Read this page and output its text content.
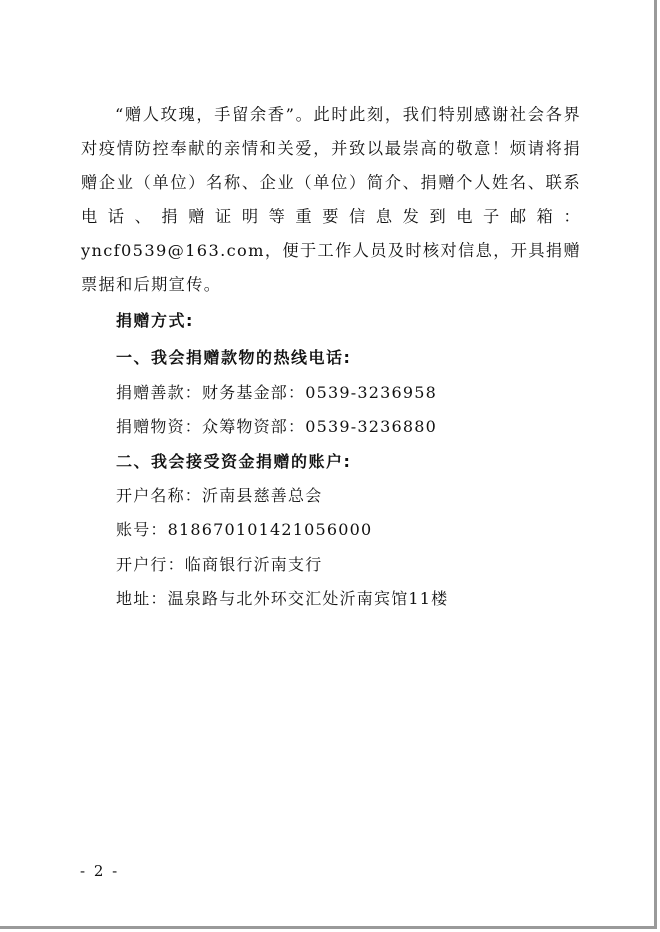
“赠人玫瑰，手留余香”。此时此刻，我们特别感谢社会各界对疫情防控奉献的亲情和关爱，并致以最崇高的敬意！烦请将捐赠企业（单位）名称、企业（单位）简介、捐赠个人姓名、联系电话、捐赠证明等重要信息发到电子邮箱：yncf0539@163.com，便于工作人员及时核对信息，开具捐赠票据和后期宣传。

捐赠方式:

一、我会捐赠款物的热线电话:

捐赠善款：财务基金部：0539-3236958

捐赠物资：众筹物资部：0539-3236880

二、我会接受资金捐赠的账户:

开户名称：沂南县慈善总会

账号：818670101421056000

开户行：临商银行沂南支行

地址：温泉路与北外环交汇处沂南宾馆11楼

- 2 -
